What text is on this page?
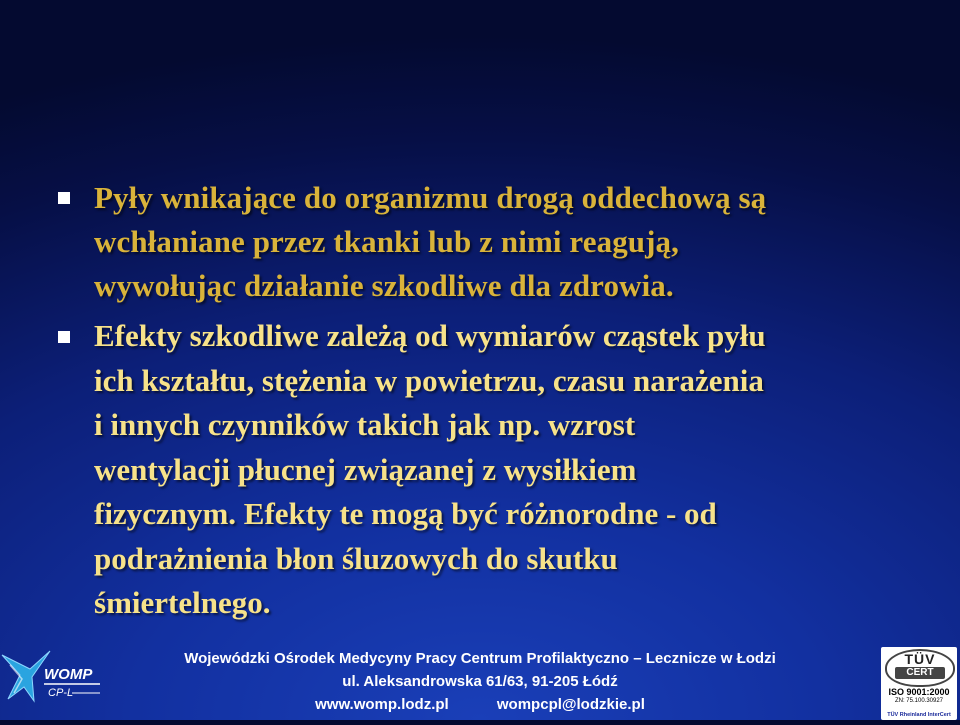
Pyły wnikające do organizmu drogą oddechową są
wchłaniane przez tkanki lub z nimi reagują,
wywołując działanie szkodliwe dla zdrowia.
Efekty szkodliwe zależą od wymiarów cząstek pyłu
ich kształtu, stężenia w powietrzu, czasu narażenia
i innych czynników takich jak np. wzrost
wentylacji płucnej związanej z wysiłkiem
fizycznym. Efekty te mogą być różnorodne - od
podrażnienia błon śluzowych do skutku
śmiertelnego.
WOMP
CP-L
Wojewódzki Ośrodek Medycyny Pracy Centrum Profilaktyczno – Lecznicze w Łodzi
ul. Aleksandrowska 61/63, 91-205 Łódź
www.womp.lodz.pl	wompcpl@lodzkie.pl
TÜV
CERT
ISO 9001:2000
ZN: 75.100.30927
TÜV Rheinland InterCert
